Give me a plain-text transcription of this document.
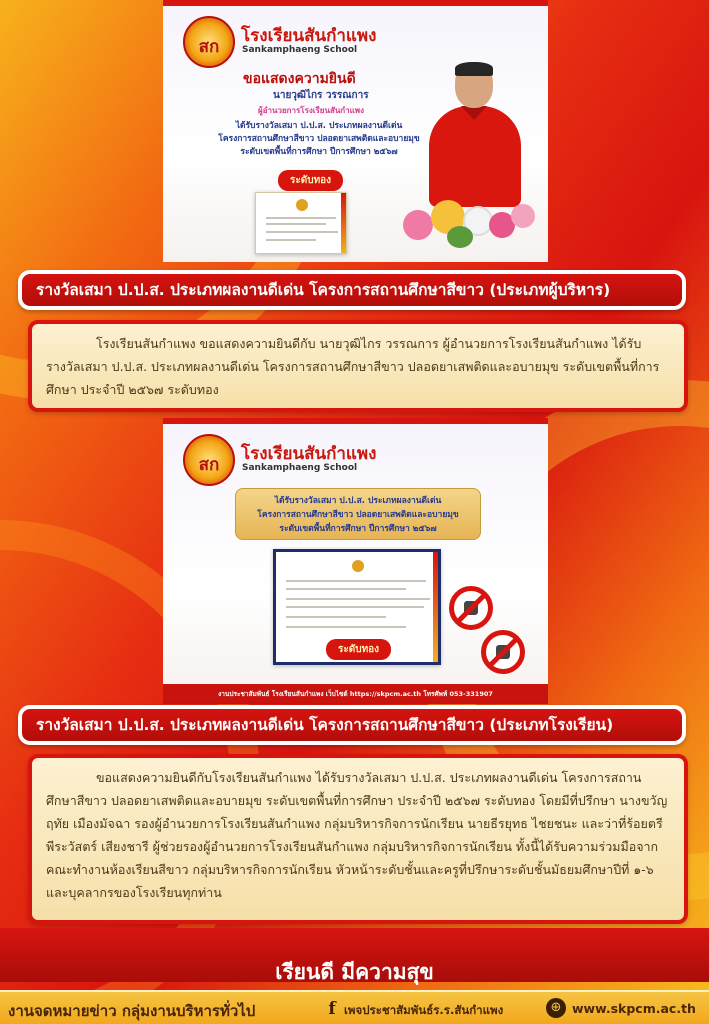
สก
โรงเรียนสันกำแพง
Sankamphaeng School
ขอแสดงความยินดี
นายวุฒิไกร วรรณการ
ผู้อำนวยการโรงเรียนสันกำแพง
ได้รับรางวัลเสมา ป.ป.ส. ประเภทผลงานดีเด่น
โครงการสถานศึกษาสีขาว ปลอดยาเสพติดและอบายมุข
ระดับเขตพื้นที่การศึกษา ปีการศึกษา ๒๕๖๗
ระดับทอง
รางวัลเสมา ป.ป.ส. ประเภทผลงานดีเด่น โครงการสถานศึกษาสีขาว (ประเภทผู้บริหาร)

โรงเรียนสันกำแพง ขอแสดงความยินดีกับ นายวุฒิไกร วรรณการ ผู้อำนวยการโรงเรียนสันกำแพง ได้รับรางวัลเสมา ป.ป.ส. ประเภทผลงานดีเด่น โครงการสถานศึกษาสีขาว ปลอดยาเสพติดและอบายมุข ระดับเขตพื้นที่การศึกษา ประจำปี ๒๕๖๗ ระดับทอง

สก
โรงเรียนสันกำแพง
Sankamphaeng School
ได้รับรางวัลเสมา ป.ป.ส. ประเภทผลงานดีเด่น
โครงการสถานศึกษาสีขาว ปลอดยาเสพติดและอบายมุข
ระดับเขตพื้นที่การศึกษา ปีการศึกษา ๒๕๖๗
ระดับทอง
งานประชาสัมพันธ์ โรงเรียนสันกำแพง เว็บไซต์ https://skpcm.ac.th โทรศัพท์ 053-331907
รางวัลเสมา ป.ป.ส. ประเภทผลงานดีเด่น โครงการสถานศึกษาสีขาว (ประเภทโรงเรียน)

ขอแสดงความยินดีกับโรงเรียนสันกำแพง ได้รับรางวัลเสมา ป.ป.ส. ประเภทผลงานดีเด่น โครงการสถานศึกษาสีขาว ปลอดยาเสพติดและอบายมุข ระดับเขตพื้นที่การศึกษา ประจำปี ๒๕๖๗ ระดับทอง โดยมีที่ปรึกษา นางขวัญฤทัย เมืองมัจฉา รองผู้อำนวยการโรงเรียนสันกำแพง กลุ่มบริหารกิจการนักเรียน นายธีรยุทธ ไชยชนะ และว่าที่ร้อยตรีพีระวัสตร์ เสียงชารี ผู้ช่วยรองผู้อำนวยการโรงเรียนสันกำแพง กลุ่มบริหารกิจการนักเรียน ทั้งนี้ได้รับความร่วมมือจากคณะทำงานห้องเรียนสีขาว กลุ่มบริหารกิจการนักเรียน หัวหน้าระดับชั้นและครูที่ปรึกษาระดับชั้นมัธยมศึกษาปีที่ ๑-๖ และบุคลากรของโรงเรียนทุกท่าน

เรียนดี มีความสุข
งานจดหมายข่าว กลุ่มงานบริหารทั่วไป	f เพจประชาสัมพันธ์ร.ร.สันกำแพง	⊕ www.skpcm.ac.th
